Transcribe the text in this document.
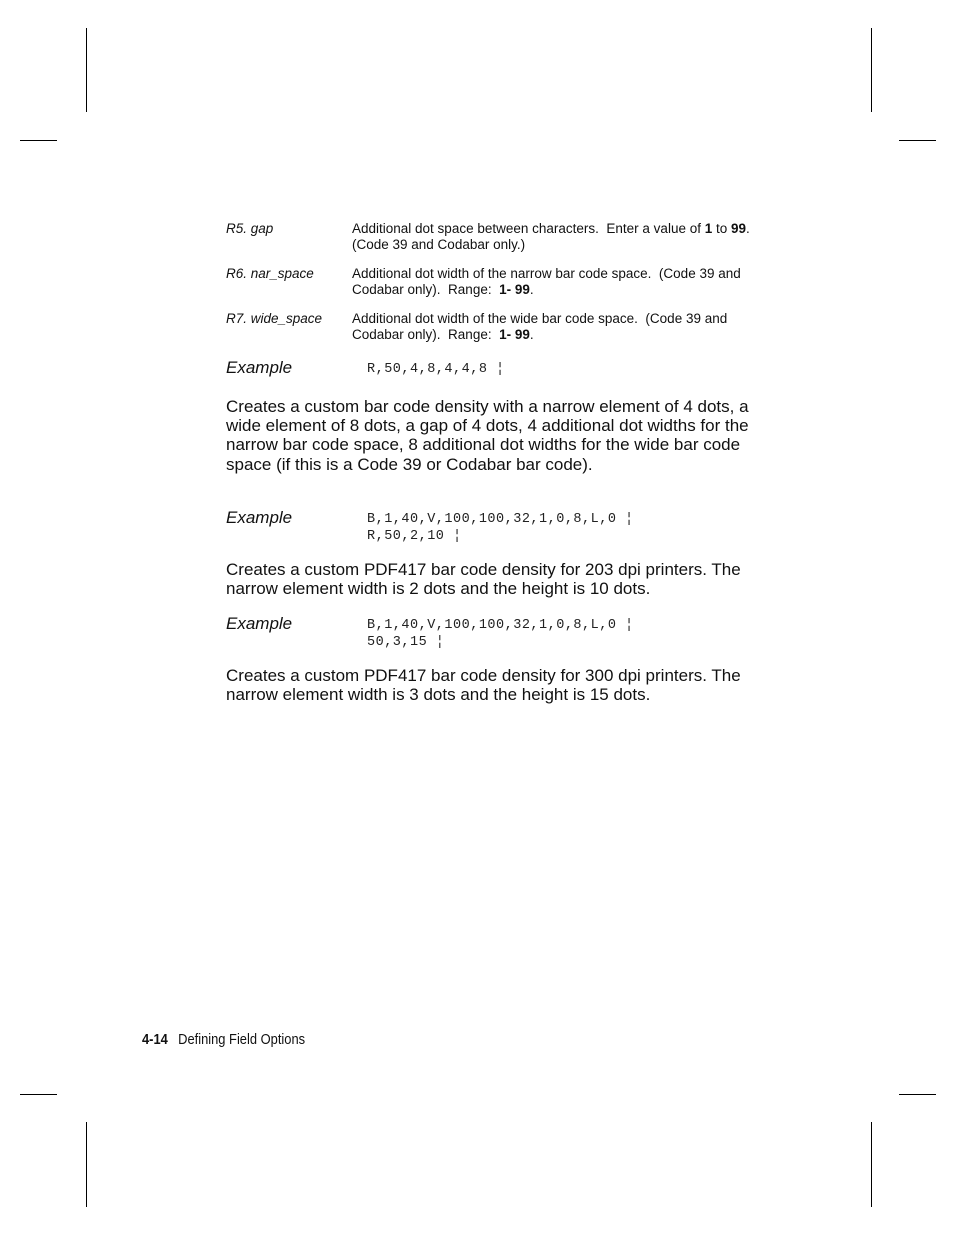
R5. gap	Additional dot space between characters.  Enter a value of 1 to 99.  (Code 39 and Codabar only.)
R6. nar_space	Additional dot width of the narrow bar code space.  (Code 39 and Codabar only).  Range:  1- 99.
R7. wide_space Additional dot width of the wide bar code space.  (Code 39 and Codabar only).  Range:  1- 99.
Example	R,50,4,8,4,4,8 ¦
Creates a custom bar code density with a narrow element of 4 dots, a wide element of 8 dots, a gap of 4 dots, 4 additional dot widths for the narrow bar code space, 8 additional dot widths for the wide bar code space (if this is a Code 39 or Codabar bar code).
Example	B,1,40,V,100,100,32,1,0,8,L,0 ¦
R,50,2,10 ¦
Creates a custom PDF417 bar code density for 203 dpi printers. The narrow element width is 2 dots and the height is 10 dots.
Example	B,1,40,V,100,100,32,1,0,8,L,0 ¦
50,3,15 ¦
Creates a custom PDF417 bar code density for 300 dpi printers. The narrow element width is 3 dots and the height is 15 dots.
4-14 Defining Field Options
